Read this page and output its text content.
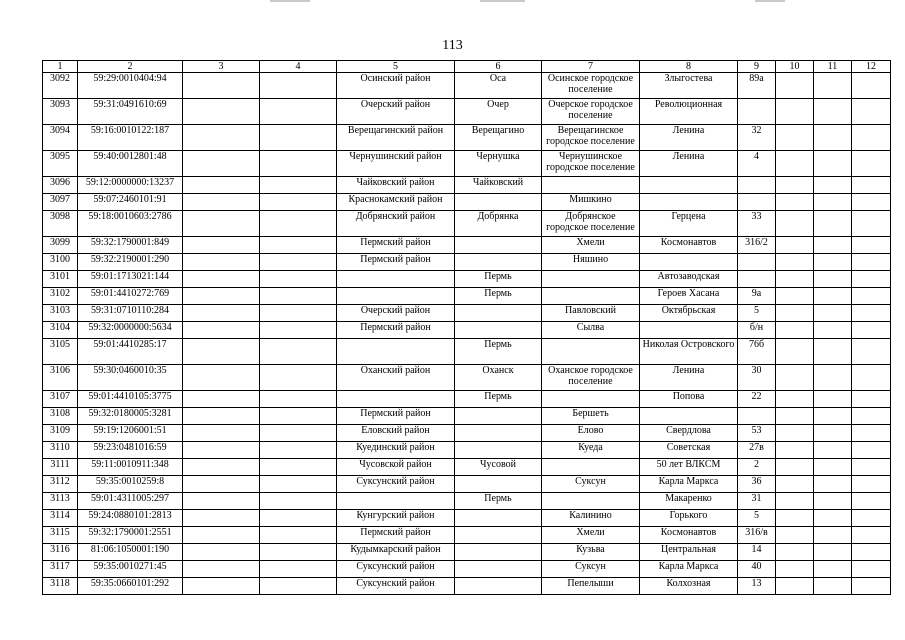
113
1	2	3	4	5	6	7	8	9	10	11	12
3092	59:29:0010404:94			Осинский район	Оса	Осинское городское поселение	Злыгостева	89а			
3093	59:31:0491610:69			Очерский район	Очер	Очерское городское поселение	Революционная				
3094	59:16:0010122:187			Верещагинский район	Верещагино	Верещагинское городское поселение	Ленина	32			
3095	59:40:0012801:48			Чернушинский район	Чернушка	Чернушинское городское поселение	Ленина	4			
3096	59:12:0000000:13237			Чайковский район	Чайковский						
3097	59:07:2460101:91			Краснокамский район		Мишкино					
3098	59:18:0010603:2786			Добрянский район	Добрянка	Добрянское городское поселение	Герцена	33			
3099	59:32:1790001:849			Пермский район		Хмели	Космонавтов	316/2			
3100	59:32:2190001:290			Пермский район		Няшино					
3101	59:01:1713021:144				Пермь		Автозаводская				
3102	59:01:4410272:769				Пермь		Героев Хасана	9а			
3103	59:31:0710110:284			Очерский район		Павловский	Октябрьская	5			
3104	59:32:0000000:5634			Пермский район		Сылва		б/н			
3105	59:01:4410285:17				Пермь		Николая Островского	76б			
3106	59:30:0460010:35			Оханский район	Оханск	Оханское городское поселение	Ленина	30			
3107	59:01:4410105:3775				Пермь		Попова	22			
3108	59:32:0180005:3281			Пермский район		Бершеть					
3109	59:19:1206001:51			Еловский район		Елово	Свердлова	53			
3110	59:23:0481016:59			Куединский район		Куеда	Советская	27в			
3111	59:11:0010911:348			Чусовской район	Чусовой		50 лет ВЛКСМ	2			
3112	59:35:0010259:8			Суксунский район		Суксун	Карла Маркса	36			
3113	59:01:4311005:297				Пермь		Макаренко	31			
3114	59:24:0880101:2813			Кунгурский район		Калинино	Горького	5			
3115	59:32:1790001:2551			Пермский район		Хмели	Космонавтов	316/в			
3116	81:06:1050001:190			Кудымкарский район		Кузьва	Центральная	14			
3117	59:35:0010271:45			Суксунский район		Суксун	Карла Маркса	40			
3118	59:35:0660101:292			Суксунский район		Пепелыши	Колхозная	13			
